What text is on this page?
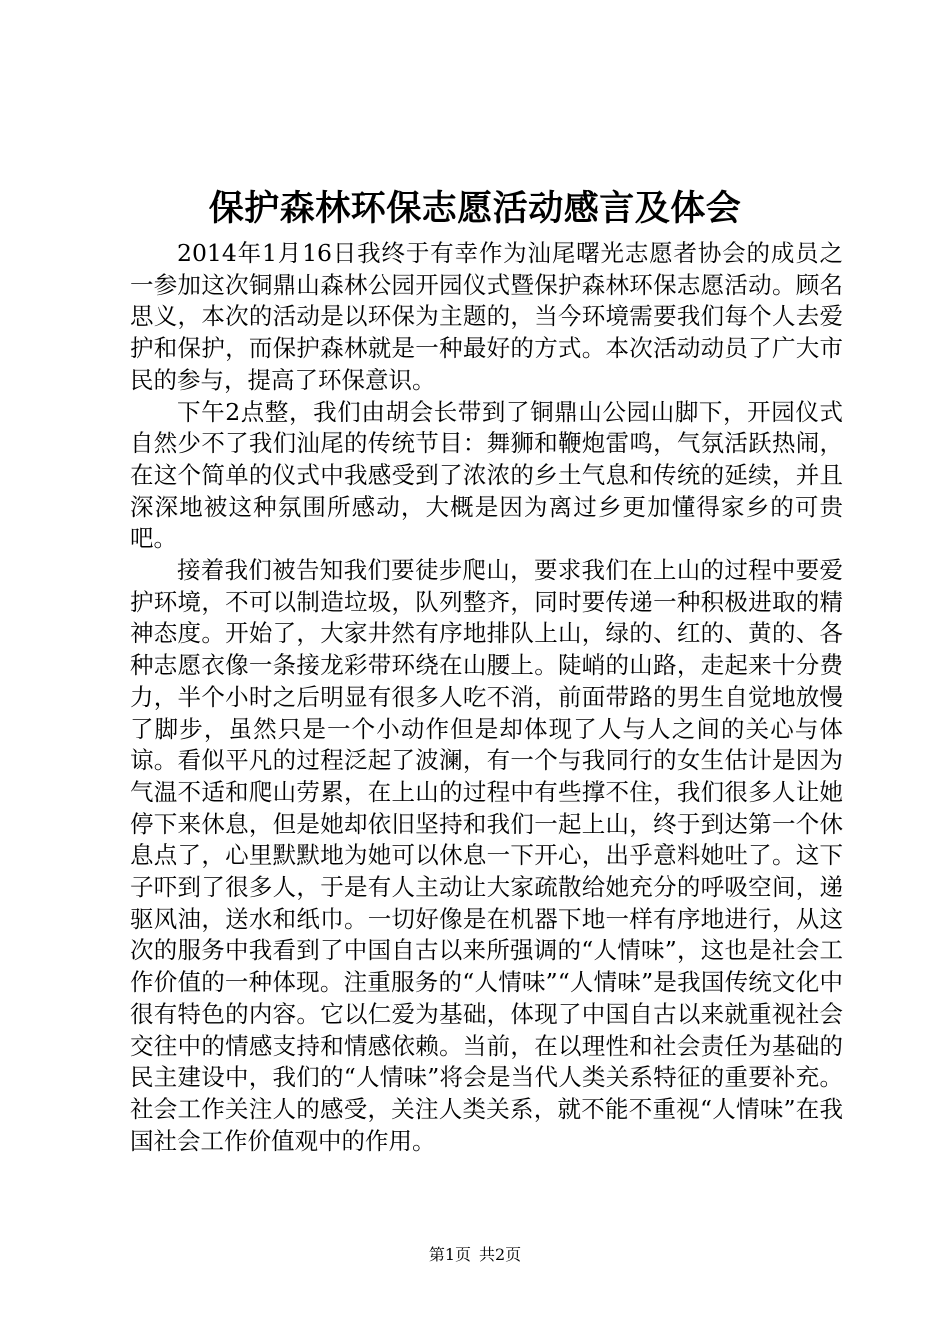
保护森林环保志愿活动感言及体会

2014年1月16日我终于有幸作为汕尾曙光志愿者协会的成员之一参加这次铜鼎山森林公园开园仪式暨保护森林环保志愿活动。顾名思义，本次的活动是以环保为主题的，当今环境需要我们每个人去爱护和保护，而保护森林就是一种最好的方式。本次活动动员了广大市民的参与，提高了环保意识。

下午2点整，我们由胡会长带到了铜鼎山公园山脚下，开园仪式自然少不了我们汕尾的传统节目：舞狮和鞭炮雷鸣，气氛活跃热闹，在这个简单的仪式中我感受到了浓浓的乡土气息和传统的延续，并且深深地被这种氛围所感动，大概是因为离过乡更加懂得家乡的可贵吧。

接着我们被告知我们要徒步爬山，要求我们在上山的过程中要爱护环境，不可以制造垃圾，队列整齐，同时要传递一种积极进取的精神态度。开始了，大家井然有序地排队上山，绿的、红的、黄的、各种志愿衣像一条接龙彩带环绕在山腰上。陡峭的山路，走起来十分费力，半个小时之后明显有很多人吃不消，前面带路的男生自觉地放慢了脚步，虽然只是一个小动作但是却体现了人与人之间的关心与体谅。看似平凡的过程泛起了波澜，有一个与我同行的女生估计是因为气温不适和爬山劳累，在上山的过程中有些撑不住，我们很多人让她停下来休息，但是她却依旧坚持和我们一起上山，终于到达第一个休息点了，心里默默地为她可以休息一下开心，出乎意料她吐了。这下子吓到了很多人，于是有人主动让大家疏散给她充分的呼吸空间，递驱风油，送水和纸巾。一切好像是在机器下地一样有序地进行，从这次的服务中我看到了中国自古以来所强调的“人情味”，这也是社会工作价值的一种体现。注重服务的“人情味”“人情味”是我国传统文化中很有特色的内容。它以仁爱为基础，体现了中国自古以来就重视社会交往中的情感支持和情感依赖。当前，在以理性和社会责任为基础的民主建设中，我们的“人情味”将会是当代人类关系特征的重要补充。社会工作关注人的感受，关注人类关系，就不能不重视“人情味”在我国社会工作价值观中的作用。

第1页 共2页
